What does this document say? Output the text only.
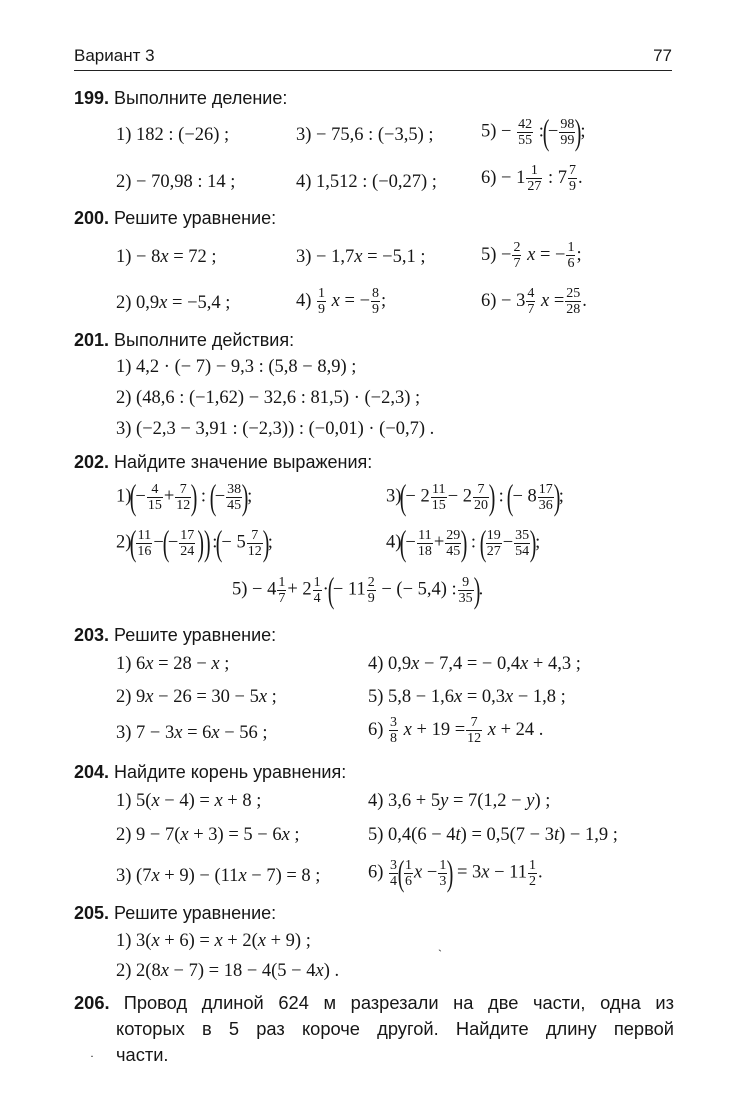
Вариант 3	77
199. Выполните деление:
1) 182 : (−26) ;	3) − 75,6 : (−3,5) ;	$5) - \frac{42}{55}$ :(− $\frac{98}{99}$ );
2) − 70,98 : 14 ;	4) 1,512 : (−0,27) ; $6) - 1 \frac{1}{27}$ : $7 \frac{7}{9}$ .
200. Решите уравнение:
1) − 8x = 72 ;	3) − 1,7x = −5,1 ;	$5) - \frac{2}{7}$ x = − $\frac{1}{6}$ ;
2) 0,9x = −5,4 ;	$4) \frac{1}{9}$ x = − $\frac{8}{9}$ ;	$6) - 3 \frac{4}{7}$ $x = \frac{25}{28}$ .
201. Выполните действия:
1) 4,2 · (− 7) − 9,3 : (5,8 − 8,9) ;
2) (48,6 : (−1,62) − 32,6 : 81,5) · (−2,3) ;
3) (−2,3 − 3,91 : (−2,3)) : (−0,01) · (−0,7) .
202. Найдите значение выражения:
$1)(- \frac{4}{15} + \frac{7}{12}$ ) : (− $\frac{38}{45}$ );	$3)(- 2 \frac{11}{15} - 2 \frac{7}{20}$ ) : (− $8 \frac{17}{36}$ );
$2)( \frac{11}{16}$ −(− $\frac{17}{24}$ )):(− $5 \frac{7}{12}$ );	$4)(- \frac{11}{18} + \frac{29}{45}$ ) : ( $\frac{19}{27} - \frac{35}{54}$ );
$5) - 4 \frac{1}{7} + 2 \frac{1}{4}$ ·(− $11 \frac{2}{9}$ − (− 5,4) : $\frac{9}{35}$ ).
203. Решите уравнение:
1) 6x = 28 − x ;	4) 0,9x − 7,4 = − 0,4x + 4,3 ;
2) 9x − 26 = 30 − 5x ;	5) 5,8 − 1,6x = 0,3x − 1,8 ;
3) 7 − 3x = 6x − 56 ;	$6) \frac{3}{8}$ $x + 19 = \frac{7}{12}$ x + 24 .
204. Найдите корень уравнения:
1) 5(x − 4) = x + 8 ;	4) 3,6 + 5y = 7(1,2 − y) ;
2) 9 − 7(x + 3) = 5 − 6x ;	5) 0,4(6 − 4t) = 0,5(7 − 3t) − 1,9 ;
3) (7x + 9) − (11x − 7) = 8 ;	$6) \frac{3}{4}$ ( $\frac{1}{6}$ $x - \frac{1}{3}$ ) = $3x - 11 \frac{1}{2}$ .
205. Решите уравнение:
1) 3(x + 6) = x + 2(x + 9) ;
2) 2(8x − 7) = 18 − 4(5 − 4x) .
ˎ
206. Провод длиной 624 м разрезали на две части, одна из
которых в 5 раз короче другой. Найдите длину первой
части.
·
